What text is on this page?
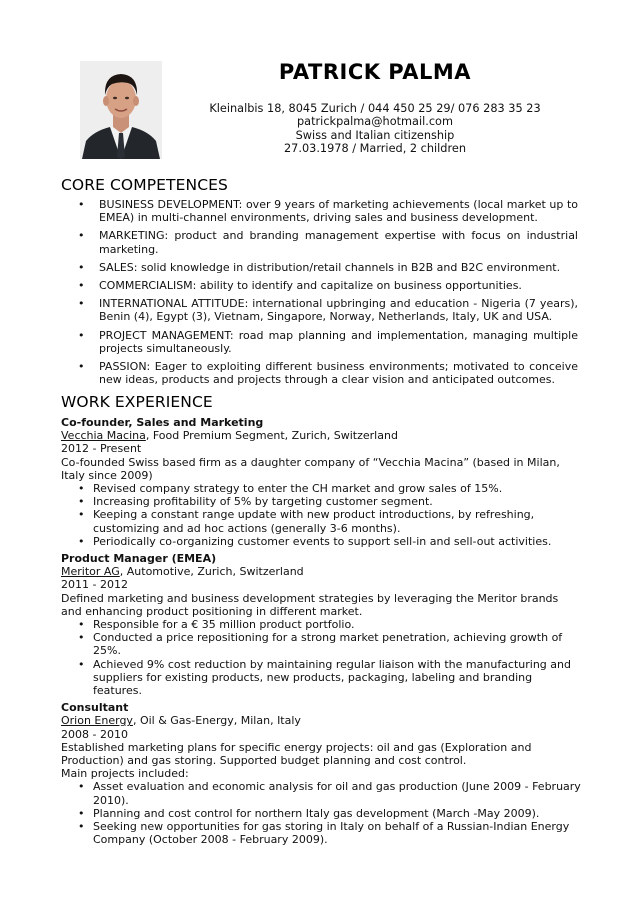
PATRICK PALMA
Kleinalbis 18, 8045 Zurich / 044 450 25 29/ 076 283 35 23
patrickpalma@hotmail.com
Swiss and Italian citizenship
27.03.1978 / Married, 2 children
CORE COMPETENCES
• BUSINESS DEVELOPMENT: over 9 years of marketing achievements (local market up to EMEA) in multi-channel environments, driving sales and business development.
• MARKETING: product and branding management expertise with focus on industrial marketing.
• SALES: solid knowledge in distribution/retail channels in B2B and B2C environment.
• COMMERCIALISM: ability to identify and capitalize on business opportunities.
• INTERNATIONAL ATTITUDE: international upbringing and education - Nigeria (7 years), Benin (4), Egypt (3), Vietnam, Singapore, Norway, Netherlands, Italy, UK and USA.
• PROJECT MANAGEMENT: road map planning and implementation, managing multiple projects simultaneously.
• PASSION: Eager to exploiting different business environments; motivated to conceive new ideas, products and projects through a clear vision and anticipated outcomes.
WORK EXPERIENCE
Co-founder, Sales and Marketing
Vecchia Macina, Food Premium Segment, Zurich, Switzerland
2012 - Present
Co-founded Swiss based firm as a daughter company of “Vecchia Macina” (based in Milan, Italy since 2009)
• Revised company strategy to enter the CH market and grow sales of 15%.
• Increasing profitability of 5% by targeting customer segment.
• Keeping a constant range update with new product introductions, by refreshing, customizing and ad hoc actions (generally 3-6 months).
• Periodically co-organizing customer events to support sell-in and sell-out activities.
Product Manager (EMEA)
Meritor AG, Automotive, Zurich, Switzerland
2011 - 2012
Defined marketing and business development strategies by leveraging the Meritor brands and enhancing product positioning in different market.
• Responsible for a € 35 million product portfolio.
• Conducted a price repositioning for a strong market penetration, achieving growth of 25%.
• Achieved 9% cost reduction by maintaining regular liaison with the manufacturing and suppliers for existing products, new products, packaging, labeling and branding features.
Consultant
Orion Energy, Oil & Gas-Energy, Milan, Italy
2008 - 2010
Established marketing plans for specific energy projects: oil and gas (Exploration and Production) and gas storing. Supported budget planning and cost control.
Main projects included:
• Asset evaluation and economic analysis for oil and gas production (June 2009 - February 2010).
• Planning and cost control for northern Italy gas development (March -May 2009).
• Seeking new opportunities for gas storing in Italy on behalf of a Russian-Indian Energy Company (October 2008 - February 2009).
